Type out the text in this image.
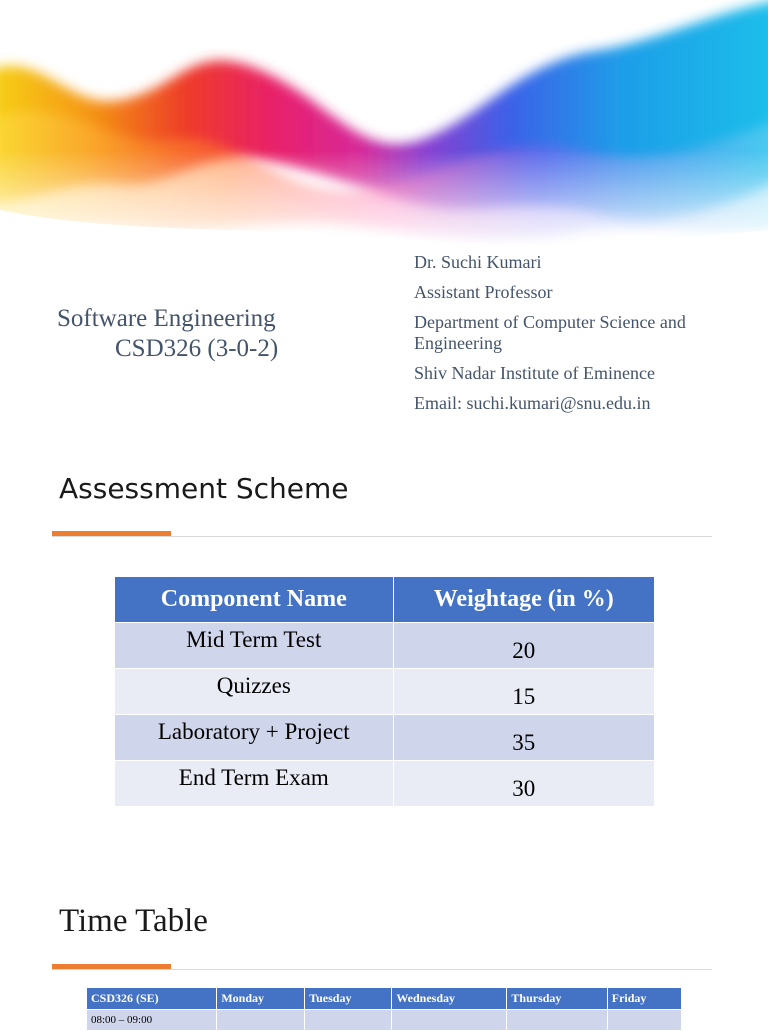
Software Engineering
CSD326 (3-0-2)
Dr. Suchi Kumari
Assistant Professor
Department of Computer Science and Engineering
Shiv Nadar Institute of Eminence
Email: suchi.kumari@snu.edu.in
Assessment Scheme
Component Name	Weightage (in %)
Mid Term Test	20
Quizzes	15
Laboratory + Project	35
End Term Exam	30
Time Table
CSD326 (SE)	Monday	Tuesday	Wednesday	Thursday	Friday
08:00 – 09:00					
